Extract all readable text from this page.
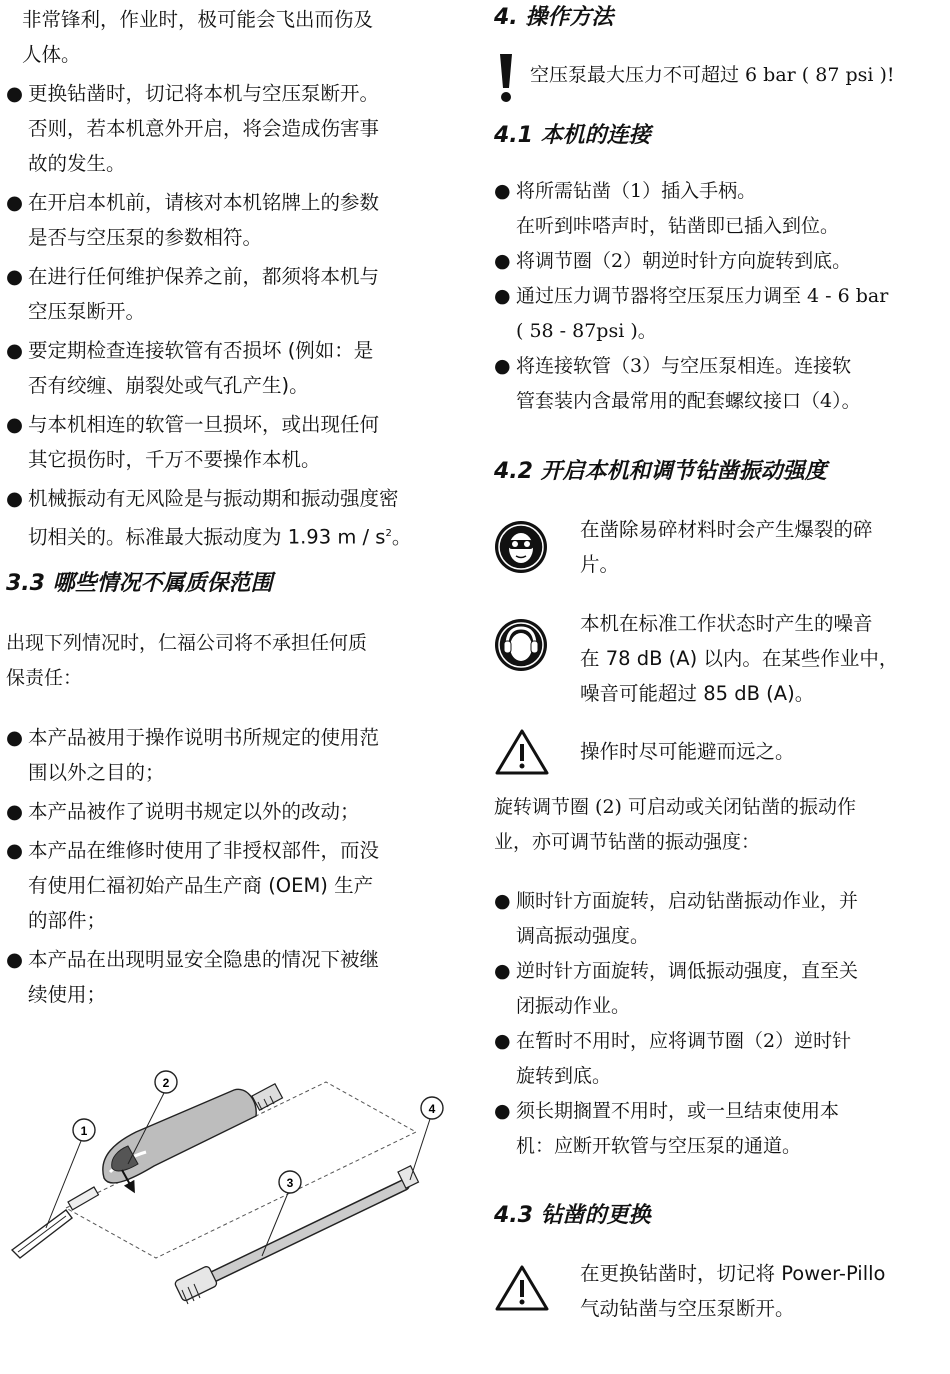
非常锋利，作业时，极可能会飞出而伤及
人体。
● 更换钻凿时，切记将本机与空压泵断开。
否则，若本机意外开启，将会造成伤害事
故的发生。
● 在开启本机前，请核对本机铭牌上的参数
是否与空压泵的参数相符。
● 在进行任何维护保养之前，都须将本机与
空压泵断开。
● 要定期检查连接软管有否损坏 (例如：是
否有绞缠、崩裂处或气孔产生)。
● 与本机相连的软管一旦损坏，或出现任何
其它损伤时，千万不要操作本机。
● 机械振动有无风险是与振动期和振动强度密
切相关的。标准最大振动度为 1.93 m / $s^2$。
3.3 哪些情况不属质保范围
出现下列情况时，仁福公司将不承担任何质
保责任：
● 本产品被用于操作说明书所规定的使用范
围以外之目的；
● 本产品被作了说明书规定以外的改动；
● 本产品在维修时使用了非授权部件，而没
有使用仁福初始产品生产商 (OEM) 生产
的部件；
● 本产品在出现明显安全隐患的情况下被继
续使用；
1
2
3
4
4. 操作方法
空压泵最大压力不可超过 6 bar ( 87 psi )!
4.1 本机的连接
● 将所需钻凿（1）插入手柄。
在听到咔嗒声时，钻凿即已插入到位。
● 将调节圈（2）朝逆时针方向旋转到底。
● 通过压力调节器将空压泵压力调至 4 - 6 bar
( 58 - 87psi )。
● 将连接软管（3）与空压泵相连。连接软
管套装内含最常用的配套螺纹接口（4）。
4.2 开启本机和调节钻凿振动强度
在凿除易碎材料时会产生爆裂的碎
片。
本机在标准工作状态时产生的噪音
在 78 dB (A) 以内。在某些作业中，
噪音可能超过 85 dB (A)。
操作时尽可能避而远之。
旋转调节圈 (2) 可启动或关闭钻凿的振动作
业，亦可调节钻凿的振动强度：
● 顺时针方面旋转，启动钻凿振动作业，并
调高振动强度。
● 逆时针方面旋转，调低振动强度，直至关
闭振动作业。
● 在暂时不用时，应将调节圈（2）逆时针
旋转到底。
● 须长期搁置不用时，或一旦结束使用本
机：应断开软管与空压泵的通道。
4.3 钻凿的更换
在更换钻凿时，切记将 Power-Pillo
气动钻凿与空压泵断开。
